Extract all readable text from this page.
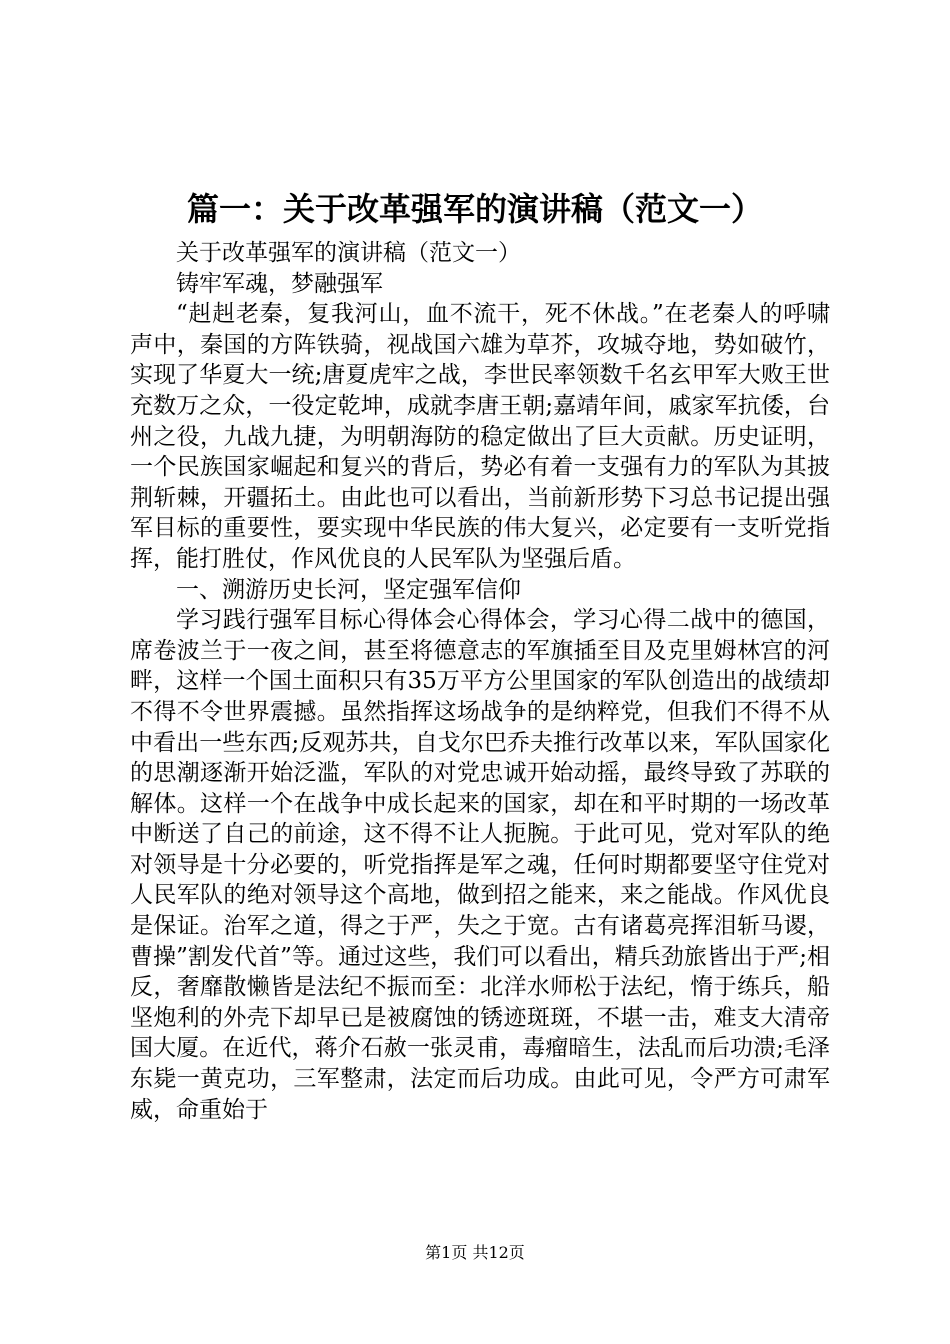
篇一：关于改革强军的演讲稿（范文一）

关于改革强军的演讲稿（范文一）

铸牢军魂，梦融强军

“赳赳老秦，复我河山，血不流干，死不休战。”在老秦人的呼啸声中，秦国的方阵铁骑，视战国六雄为草芥，攻城夺地，势如破竹，实现了华夏大一统;唐夏虎牢之战，李世民率领数千名玄甲军大败王世充数万之众，一役定乾坤，成就李唐王朝;嘉靖年间，戚家军抗倭，台州之役，九战九捷，为明朝海防的稳定做出了巨大贡献。历史证明，一个民族国家崛起和复兴的背后，势必有着一支强有力的军队为其披荆斩棘，开疆拓土。由此也可以看出，当前新形势下习总书记提出强军目标的重要性，要实现中华民族的伟大复兴，必定要有一支听党指挥，能打胜仗，作风优良的人民军队为坚强后盾。

一、溯游历史长河，坚定强军信仰

学习践行强军目标心得体会心得体会，学习心得二战中的德国，席卷波兰于一夜之间，甚至将德意志的军旗插至目及克里姆林宫的河畔，这样一个国土面积只有35万平方公里国家的军队创造出的战绩却不得不令世界震撼。虽然指挥这场战争的是纳粹党，但我们不得不从中看出一些东西;反观苏共，自戈尔巴乔夫推行改革以来，军队国家化的思潮逐渐开始泛滥，军队的对党忠诚开始动摇，最终导致了苏联的解体。这样一个在战争中成长起来的国家，却在和平时期的一场改革中断送了自己的前途，这不得不让人扼腕。于此可见，党对军队的绝对领导是十分必要的，听党指挥是军之魂，任何时期都要坚守住党对人民军队的绝对领导这个高地，做到招之能来，来之能战。作风优良是保证。治军之道，得之于严，失之于宽。古有诸葛亮挥泪斩马谡，曹操”割发代首”等。通过这些，我们可以看出，精兵劲旅皆出于严;相反，奢靡散懒皆是法纪不振而至：北洋水师松于法纪，惰于练兵，船坚炮利的外壳下却早已是被腐蚀的锈迹斑斑，不堪一击，难支大清帝国大厦。在近代，蒋介石赦一张灵甫，毒瘤暗生，法乱而后功溃;毛泽东毙一黄克功，三军整肃，法定而后功成。由此可见，令严方可肃军威，命重始于

第1页 共12页
